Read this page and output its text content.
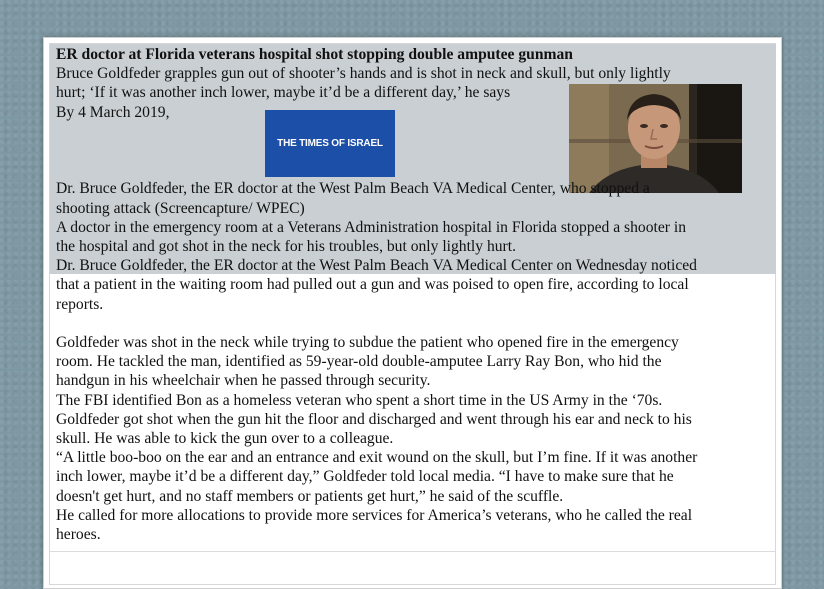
THE TIMES OF ISRAEL
ER doctor at Florida veterans hospital shot stopping double amputee gunman
Bruce Goldfeder grapples gun out of shooter’s hands and is shot in neck and skull, but only lightly
hurt; ‘If it was another inch lower, maybe it’d be a different day,’ he says
By 4 March 2019,
Dr. Bruce Goldfeder, the ER doctor at the West Palm Beach VA Medical Center, who stopped a
shooting attack (Screencapture/ WPEC)
A doctor in the emergency room at a Veterans Administration hospital in Florida stopped a shooter in
the hospital and got shot in the neck for his troubles, but only lightly hurt.
Dr. Bruce Goldfeder, the ER doctor at the West Palm Beach VA Medical Center on Wednesday noticed
that a patient in the waiting room had pulled out a gun and was poised to open fire, according to local
reports.
Goldfeder was shot in the neck while trying to subdue the patient who opened fire in the emergency
room. He tackled the man, identified as 59-year-old double-amputee Larry Ray Bon, who hid the
handgun in his wheelchair when he passed through security.
The FBI identified Bon as a homeless veteran who spent a short time in the US Army in the ‘70s.
Goldfeder got shot when the gun hit the floor and discharged and went through his ear and neck to his
skull. He was able to kick the gun over to a colleague.
“A little boo-boo on the ear and an entrance and exit wound on the skull, but I’m fine. If it was another
inch lower, maybe it’d be a different day,” Goldfeder told local media. “I have to make sure that he
doesn't get hurt, and no staff members or patients get hurt,” he said of the scuffle.
He called for more allocations to provide more services for America’s veterans, who he called the real
heroes.
